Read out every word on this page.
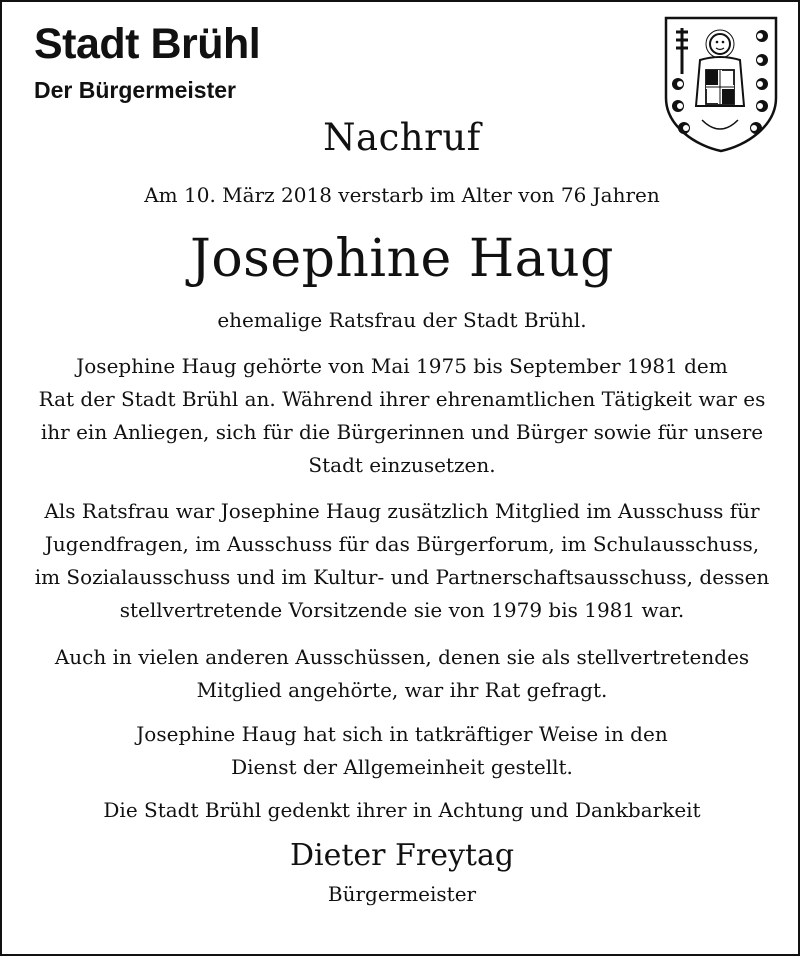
Stadt Brühl
Der Bürgermeister
Nachruf
Am 10. März 2018 verstarb im Alter von 76 Jahren
Josephine Haug
ehemalige Ratsfrau der Stadt Brühl.
Josephine Haug gehörte von Mai 1975 bis September 1981 dem
Rat der Stadt Brühl an. Während ihrer ehrenamtlichen Tätigkeit war es
ihr ein Anliegen, sich für die Bürgerinnen und Bürger sowie für unsere
Stadt einzusetzen.
Als Ratsfrau war Josephine Haug zusätzlich Mitglied im Ausschuss für
Jugendfragen, im Ausschuss für das Bürgerforum, im Schulausschuss,
im Sozialausschuss und im Kultur- und Partnerschaftsausschuss, dessen
stellvertretende Vorsitzende sie von 1979 bis 1981 war.
Auch in vielen anderen Ausschüssen, denen sie als stellvertretendes
Mitglied angehörte, war ihr Rat gefragt.
Josephine Haug hat sich in tatkräftiger Weise in den
Dienst der Allgemeinheit gestellt.
Die Stadt Brühl gedenkt ihrer in Achtung und Dankbarkeit
Dieter Freytag
Bürgermeister
